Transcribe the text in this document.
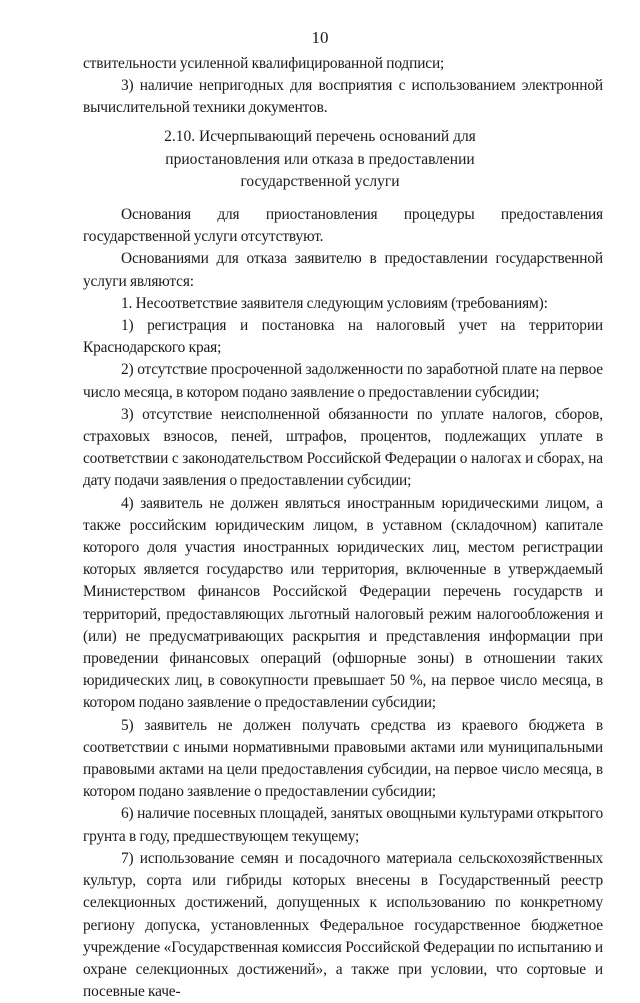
10

ствительности усиленной квалифицированной подписи;

3) наличие непригодных для восприятия с использованием электронной вычислительной техники документов.

2.10. Исчерпывающий перечень оснований для
приостановления или отказа в предоставлении
государственной услуги

Основания для приостановления процедуры предоставления государственной услуги отсутствуют.

Основаниями для отказа заявителю в предоставлении государственной услуги являются:

1. Несоответствие заявителя следующим условиям (требованиям):

1) регистрация и постановка на налоговый учет на территории Краснодарского края;

2) отсутствие просроченной задолженности по заработной плате на первое число месяца, в котором подано заявление о предоставлении субсидии;

3) отсутствие неисполненной обязанности по уплате налогов, сборов, страховых взносов, пеней, штрафов, процентов, подлежащих уплате в соответствии с законодательством Российской Федерации о налогах и сборах, на дату подачи заявления о предоставлении субсидии;

4) заявитель не должен являться иностранным юридическими лицом, а также российским юридическим лицом, в уставном (складочном) капитале которого доля участия иностранных юридических лиц, местом регистрации которых является государство или территория, включенные в утверждаемый Министерством финансов Российской Федерации перечень государств и территорий, предоставляющих льготный налоговый режим налогообложения и (или) не предусматривающих раскрытия и представления информации при проведении финансовых операций (офшорные зоны) в отношении таких юридических лиц, в совокупности превышает 50 %, на первое число месяца, в котором подано заявление о предоставлении субсидии;

5) заявитель не должен получать средства из краевого бюджета в соответствии с иными нормативными правовыми актами или муниципальными правовыми актами на цели предоставления субсидии, на первое число месяца, в котором подано заявление о предоставлении субсидии;

6) наличие посевных площадей, занятых овощными культурами открытого грунта в году, предшествующем текущему;

7) использование семян и посадочного материала сельскохозяйственных культур, сорта или гибриды которых внесены в Государственный реестр селекционных достижений, допущенных к использованию по конкретному региону допуска, установленных Федеральное государственное бюджетное учреждение «Государственная комиссия Российской Федерации по испытанию и охране селекционных достижений», а также при условии, что сортовые и посевные каче-
